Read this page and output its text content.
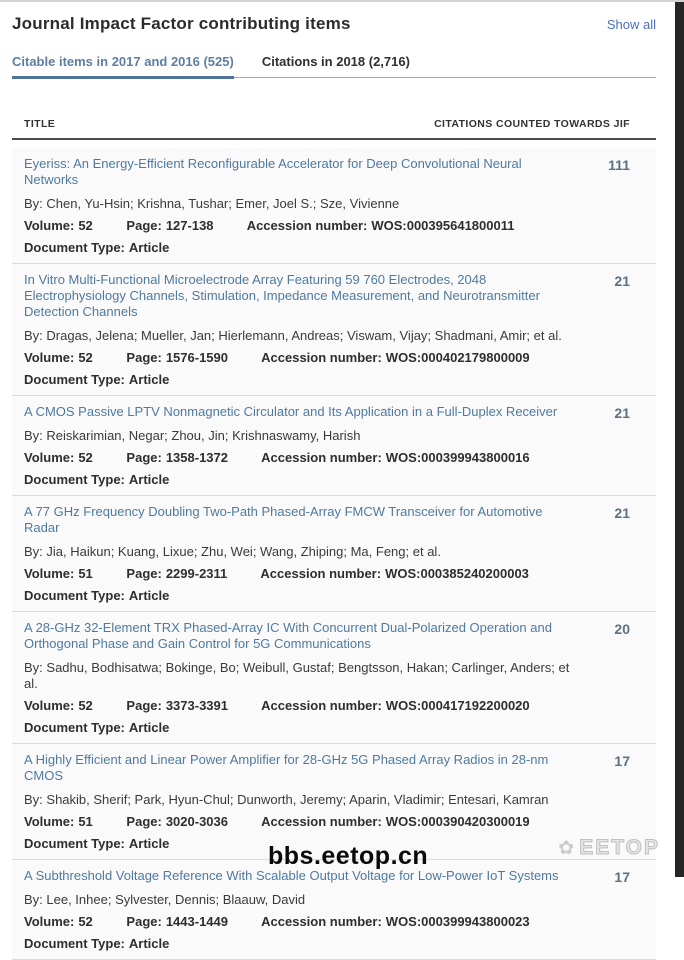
Journal Impact Factor contributing items	Show all
Citable items in 2017 and 2016 (525) Citations in 2018 (2,716)
TITLE	CITATIONS COUNTED TOWARDS JIF
Eyeriss: An Energy-Efficient Reconfigurable Accelerator for Deep Convolutional Neural Networks
By: Chen, Yu-Hsin; Krishna, Tushar; Emer, Joel S.; Sze, Vivienne
Volume: 52	Page: 127-138	Accession number: WOS:000395641800011
Document Type: Article
111
In Vitro Multi-Functional Microelectrode Array Featuring 59 760 Electrodes, 2048 Electrophysiology Channels, Stimulation, Impedance Measurement, and Neurotransmitter Detection Channels
By: Dragas, Jelena; Mueller, Jan; Hierlemann, Andreas; Viswam, Vijay; Shadmani, Amir; et al.
Volume: 52	Page: 1576-1590	Accession number: WOS:000402179800009
Document Type: Article
21
A CMOS Passive LPTV Nonmagnetic Circulator and Its Application in a Full-Duplex Receiver
By: Reiskarimian, Negar; Zhou, Jin; Krishnaswamy, Harish
Volume: 52	Page: 1358-1372	Accession number: WOS:000399943800016
Document Type: Article
21
A 77 GHz Frequency Doubling Two-Path Phased-Array FMCW Transceiver for Automotive Radar
By: Jia, Haikun; Kuang, Lixue; Zhu, Wei; Wang, Zhiping; Ma, Feng; et al.
Volume: 51	Page: 2299-2311	Accession number: WOS:000385240200003
Document Type: Article
21
A 28-GHz 32-Element TRX Phased-Array IC With Concurrent Dual-Polarized Operation and Orthogonal Phase and Gain Control for 5G Communications
By: Sadhu, Bodhisatwa; Bokinge, Bo; Weibull, Gustaf; Bengtsson, Hakan; Carlinger, Anders; et al.
Volume: 52	Page: 3373-3391	Accession number: WOS:000417192200020
Document Type: Article
20
A Highly Efficient and Linear Power Amplifier for 28-GHz 5G Phased Array Radios in 28-nm CMOS
By: Shakib, Sherif; Park, Hyun-Chul; Dunworth, Jeremy; Aparin, Vladimir; Entesari, Kamran
Volume: 51	Page: 3020-3036	Accession number: WOS:000390420300019
Document Type: Article
17
A Subthreshold Voltage Reference With Scalable Output Voltage for Low-Power IoT Systems
By: Lee, Inhee; Sylvester, Dennis; Blaauw, David
Volume: 52	Page: 1443-1449	Accession number: WOS:000399943800023
Document Type: Article
17
bbs.eetop.cn	✿ EETOP
